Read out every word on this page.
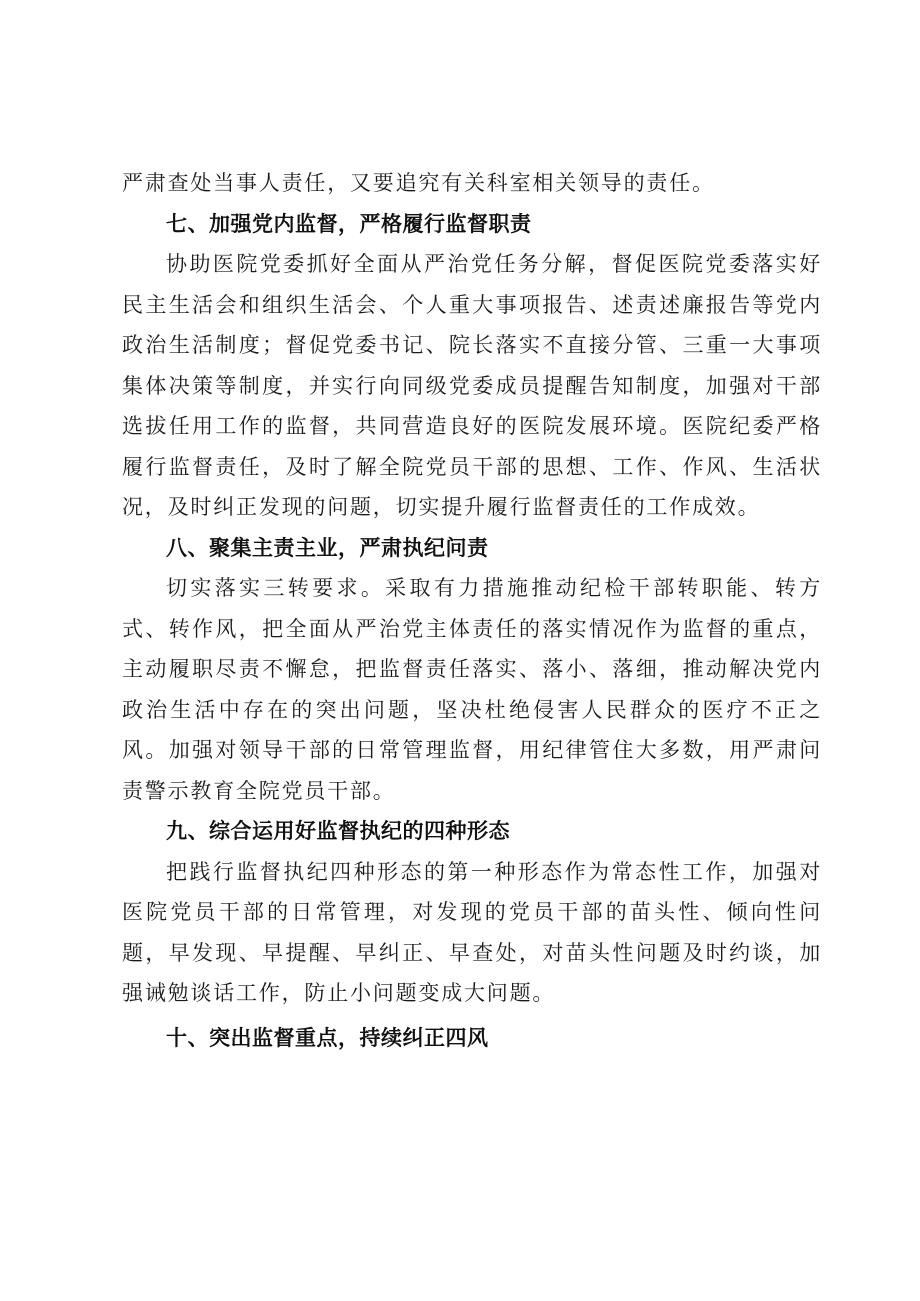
严肃查处当事人责任，又要追究有关科室相关领导的责任。

七、加强党内监督，严格履行监督职责

协助医院党委抓好全面从严治党任务分解，督促医院党委落实好民主生活会和组织生活会、个人重大事项报告、述责述廉报告等党内政治生活制度；督促党委书记、院长落实不直接分管、三重一大事项集体决策等制度，并实行向同级党委成员提醒告知制度，加强对干部选拔任用工作的监督，共同营造良好的医院发展环境。医院纪委严格履行监督责任，及时了解全院党员干部的思想、工作、作风、生活状况，及时纠正发现的问题，切实提升履行监督责任的工作成效。

八、聚集主责主业，严肃执纪问责

切实落实三转要求。采取有力措施推动纪检干部转职能、转方式、转作风，把全面从严治党主体责任的落实情况作为监督的重点，主动履职尽责不懈怠，把监督责任落实、落小、落细，推动解决党内政治生活中存在的突出问题，坚决杜绝侵害人民群众的医疗不正之风。加强对领导干部的日常管理监督，用纪律管住大多数，用严肃问责警示教育全院党员干部。

九、综合运用好监督执纪的四种形态

把践行监督执纪四种形态的第一种形态作为常态性工作，加强对医院党员干部的日常管理，对发现的党员干部的苗头性、倾向性问题，早发现、早提醒、早纠正、早查处，对苗头性问题及时约谈，加强诫勉谈话工作，防止小问题变成大问题。

十、突出监督重点，持续纠正四风
